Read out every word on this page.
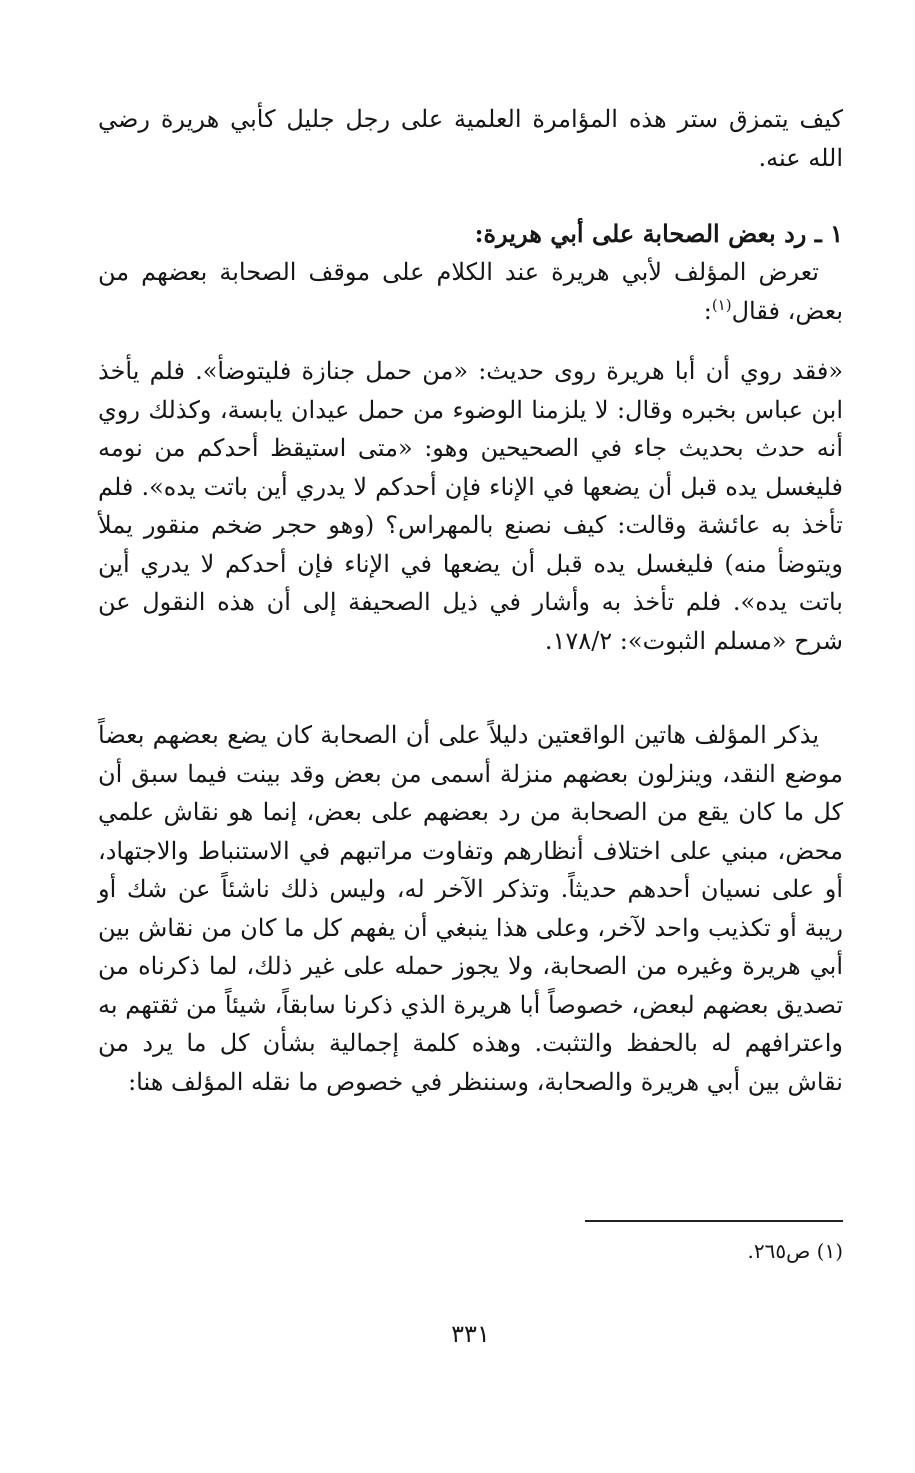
كيف يتمزق ستر هذه المؤامرة العلمية على رجل جليل كأبي هريرة رضي الله عنه.

١ ـ رد بعض الصحابة على أبي هريرة:

تعرض المؤلف لأبي هريرة عند الكلام على موقف الصحابة بعضهم من بعض، فقال$^{(١)}$:

«فقد روي أن أبا هريرة روى حديث: «من حمل جنازة فليتوضأ». فلم يأخذ ابن عباس بخبره وقال: لا يلزمنا الوضوء من حمل عيدان يابسة، وكذلك روي أنه حدث بحديث جاء في الصحيحين وهو: «متى استيقظ أحدكم من نومه فليغسل يده قبل أن يضعها في الإناء فإن أحدكم لا يدري أين باتت يده». فلم تأخذ به عائشة وقالت: كيف نصنع بالمهراس؟ (وهو حجر ضخم منقور يملأ ويتوضأ منه) فليغسل يده قبل أن يضعها في الإناء فإن أحدكم لا يدري أين باتت يده». فلم تأخذ به وأشار في ذيل الصحيفة إلى أن هذه النقول عن شرح «مسلم الثبوت»: ١٧٨/٢.

يذكر المؤلف هاتين الواقعتين دليلاً على أن الصحابة كان يضع بعضهم بعضاً موضع النقد، وينزلون بعضهم منزلة أسمى من بعض وقد بينت فيما سبق أن كل ما كان يقع من الصحابة من رد بعضهم على بعض، إنما هو نقاش علمي محض، مبني على اختلاف أنظارهم وتفاوت مراتبهم في الاستنباط والاجتهاد، أو على نسيان أحدهم حديثاً. وتذكر الآخر له، وليس ذلك ناشئاً عن شك أو ريبة أو تكذيب واحد لآخر، وعلى هذا ينبغي أن يفهم كل ما كان من نقاش بين أبي هريرة وغيره من الصحابة، ولا يجوز حمله على غير ذلك، لما ذكرناه من تصديق بعضهم لبعض، خصوصاً أبا هريرة الذي ذكرنا سابقاً، شيئاً من ثقتهم به واعترافهم له بالحفظ والتثبت. وهذه كلمة إجمالية بشأن كل ما يرد من نقاش بين أبي هريرة والصحابة، وسننظر في خصوص ما نقله المؤلف هنا:

(١) ص٢٦٥.

٣٣١
